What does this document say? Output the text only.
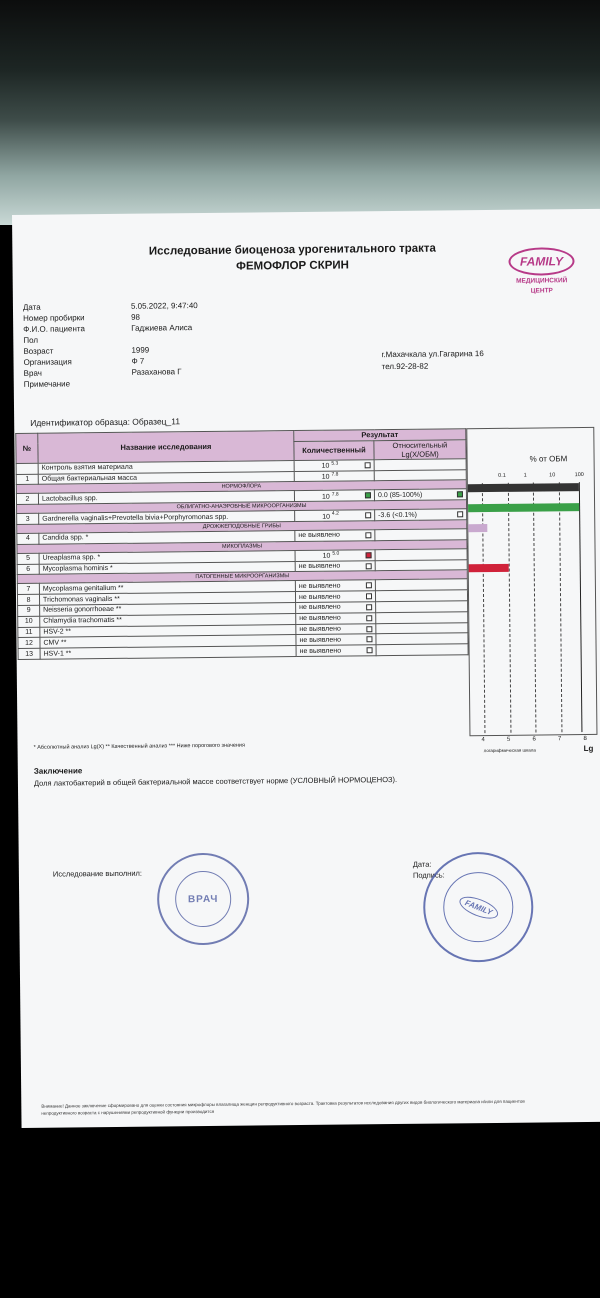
Исследование биоценоза урогенитального тракта
ФЕМОФЛОР СКРИН	FAMILY
МЕДИЦИНСКИЙ
ЦЕНТР
Дата	5.05.2022, 9:47:40
Номер пробирки	98
Ф.И.О. пациента	Гаджиева Алиса
Пол
Возраст	1999
Организация	Ф 7
Врач	Разаханова Г
Примечание
г.Махачкала ул.Гагарина 16
тел.92-28-82
Идентификатор образца: Образец_11
№	Название исследования	Результат	
		Количественный	Относительный
Lg(X/ОБМ)

	Контроль взятия материала	10 $^{5.3}$

1	Общая бактериальная масса	10 $^{7.8}$	
НОРМОФЛОРА			
2	Lactobacillus spp.	10 $^{7.8}$	0.0 (85-100%)

ОБЛИГАТНО-АНАЭРОБНЫЕ МИКРООРГАНИЗМЫ			
3	Gardnerella vaginalis+Prevotella bivia+Porphyromonas spp.	10 $^{4.2}$	-3.6 (<0.1%)

ДРОЖЖЕПОДОБНЫЕ ГРИБЫ			
4	Candida spp. *	не выявлено

МИКОПЛАЗМЫ			
5	Ureaplasma spp. *	10 $^{5.0}$

6	Mycoplasma hominis *	не выявлено

ПАТОГЕННЫЕ МИКРООРГАНИЗМЫ			
7	Mycoplasma genitalium **	не выявлено

8	Trichomonas vaginalis **	не выявлено

9	Neisseria gonorrhoeae **	не выявлено

10	Chlamydia trachomatis **	не выявлено

11	HSV-2 **	не выявлено

12	CMV **	не выявлено

13	HSV-1 **	не выявлено

% от ОБМ
0.1	1	10	100
4	5	6	7	8
логарифмическая шкала	Lg
* Абсолютный анализ Lg(X) ** Качественный анализ *** Ниже порогового значения
Заключение
Доля лактобактерий в общей бактериальной массе соответствует норме (УСЛОВНЫЙ НОРМОЦЕНОЗ).
Исследование выполнил:
Дата:
Подпись:
ВРАЧ	FAMILY
Внимание! Данное заключение сформировано для оценки состояния микрофлоры влагалища женщин репродуктивного возраста. Трактовка результатов исследования других видов биологического материала и/или для пациентов непродуктивного возраста с нарушениями репродуктивной функции производится
